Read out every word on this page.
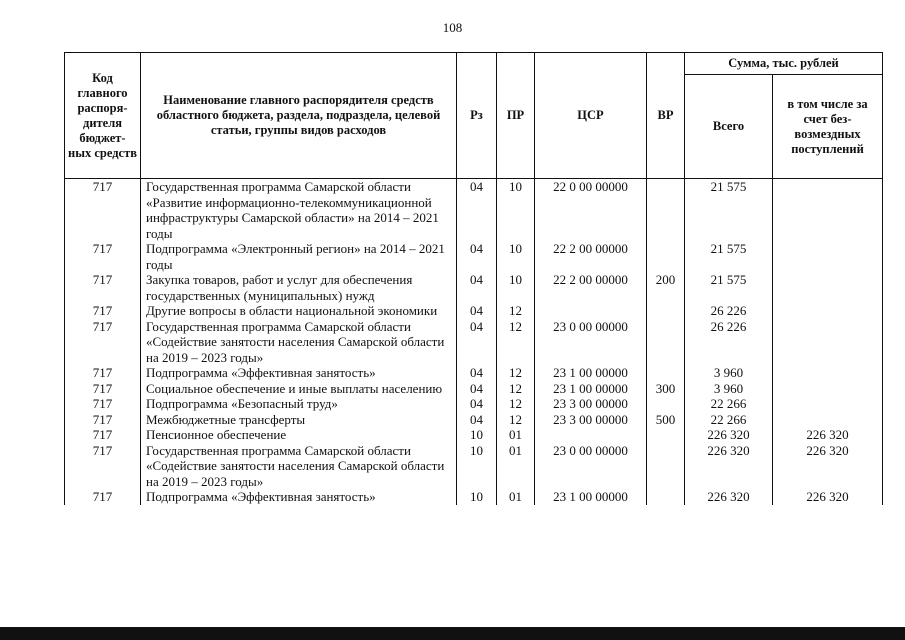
108
Код главного распоря-дителя бюджет-ных средств	Наименование главного распорядителя средств областного бюджета, раздела, подраздела, целевой статьи, группы видов расходов	Рз	ПР	ЦСР	ВР	Сумма, тыс. рублей	
						Всего	в том числе за счет без-возмездных поступлений
717	Государственная программа Самарской области «Развитие информационно-телекоммуникационной инфраструктуры Самарской области» на 2014 – 2021 годы	04	10	22 0 00 00000		21 575	
717	Подпрограмма «Электронный регион» на 2014 – 2021 годы	04	10	22 2 00 00000		21 575	
717	Закупка товаров, работ и услуг для обеспечения государственных (муниципальных) нужд	04	10	22 2 00 00000	200	21 575	
717	Другие вопросы в области национальной экономики	04	12			26 226	
717	Государственная программа Самарской области «Содействие занятости населения Самарской области на 2019 – 2023 годы»	04	12	23 0 00 00000		26 226	
717	Подпрограмма «Эффективная занятость»	04	12	23 1 00 00000		3 960	
717	Социальное обеспечение и иные выплаты населению	04	12	23 1 00 00000	300	3 960	
717	Подпрограмма «Безопасный труд»	04	12	23 3 00 00000		22 266	
717	Межбюджетные трансферты	04	12	23 3 00 00000	500	22 266	
717	Пенсионное обеспечение	10	01			226 320	226 320
717	Государственная программа Самарской области «Содействие занятости населения Самарской области на 2019 – 2023 годы»	10	01	23 0 00 00000		226 320	226 320
717	Подпрограмма «Эффективная занятость»	10	01	23 1 00 00000		226 320	226 320
